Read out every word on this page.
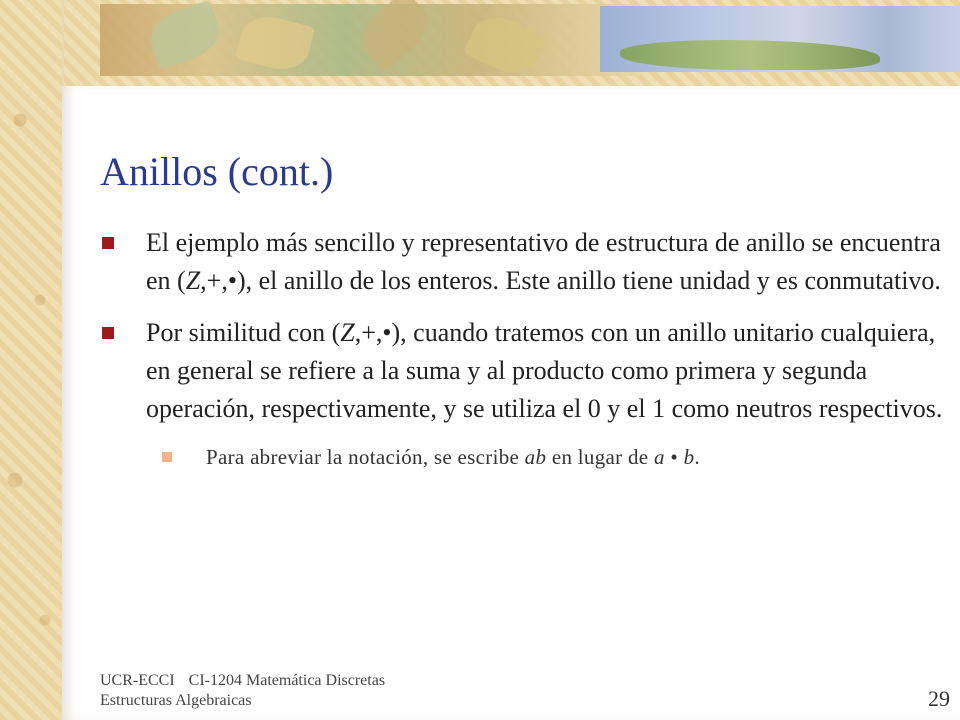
Anillos (cont.)
El ejemplo más sencillo y representativo de estructura de anillo se encuentra en (Z,+,•), el anillo de los enteros. Este anillo tiene unidad y es conmutativo.
Por similitud con (Z,+,•), cuando tratemos con un anillo unitario cualquiera, en general se refiere a la suma y al producto como primera y segunda operación, respectivamente, y se utiliza el 0 y el 1 como neutros respectivos.
Para abreviar la notación, se escribe ab en lugar de a • b.
UCR-ECCI CI-1204 Matemática Discretas
Estructuras Algebraicas	29
